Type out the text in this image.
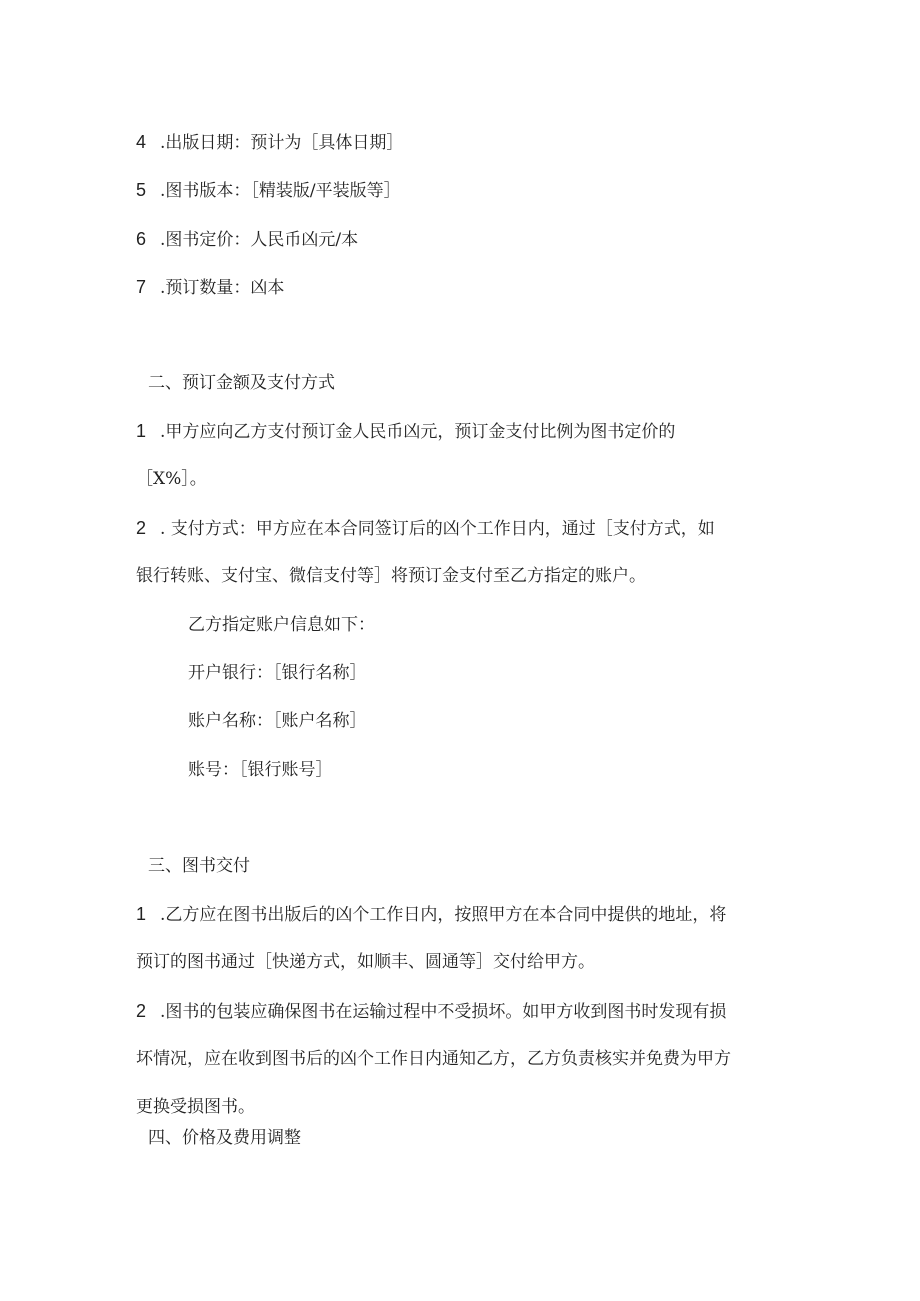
4 .出版日期：预计为［具体日期］
5 .图书版本：［精装版/平装版等］
6 .图书定价：人民币凶元/本
7 .预订数量：凶本
二、预订金额及支付方式
1 .甲方应向乙方支付预订金人民币凶元，预订金支付比例为图书定价的
［X%］。
2 . 支付方式：甲方应在本合同签订后的凶个工作日内，通过［支付方式，如
银行转账、支付宝、微信支付等］将预订金支付至乙方指定的账户。
乙方指定账户信息如下：
开户银行：［银行名称］
账户名称：［账户名称］
账号：［银行账号］
三、图书交付
1 .乙方应在图书出版后的凶个工作日内，按照甲方在本合同中提供的地址，将
预订的图书通过［快递方式，如顺丰、圆通等］交付给甲方。
2 .图书的包装应确保图书在运输过程中不受损坏。如甲方收到图书时发现有损
坏情况，应在收到图书后的凶个工作日内通知乙方，乙方负责核实并免费为甲方
更换受损图书。
四、价格及费用调整
